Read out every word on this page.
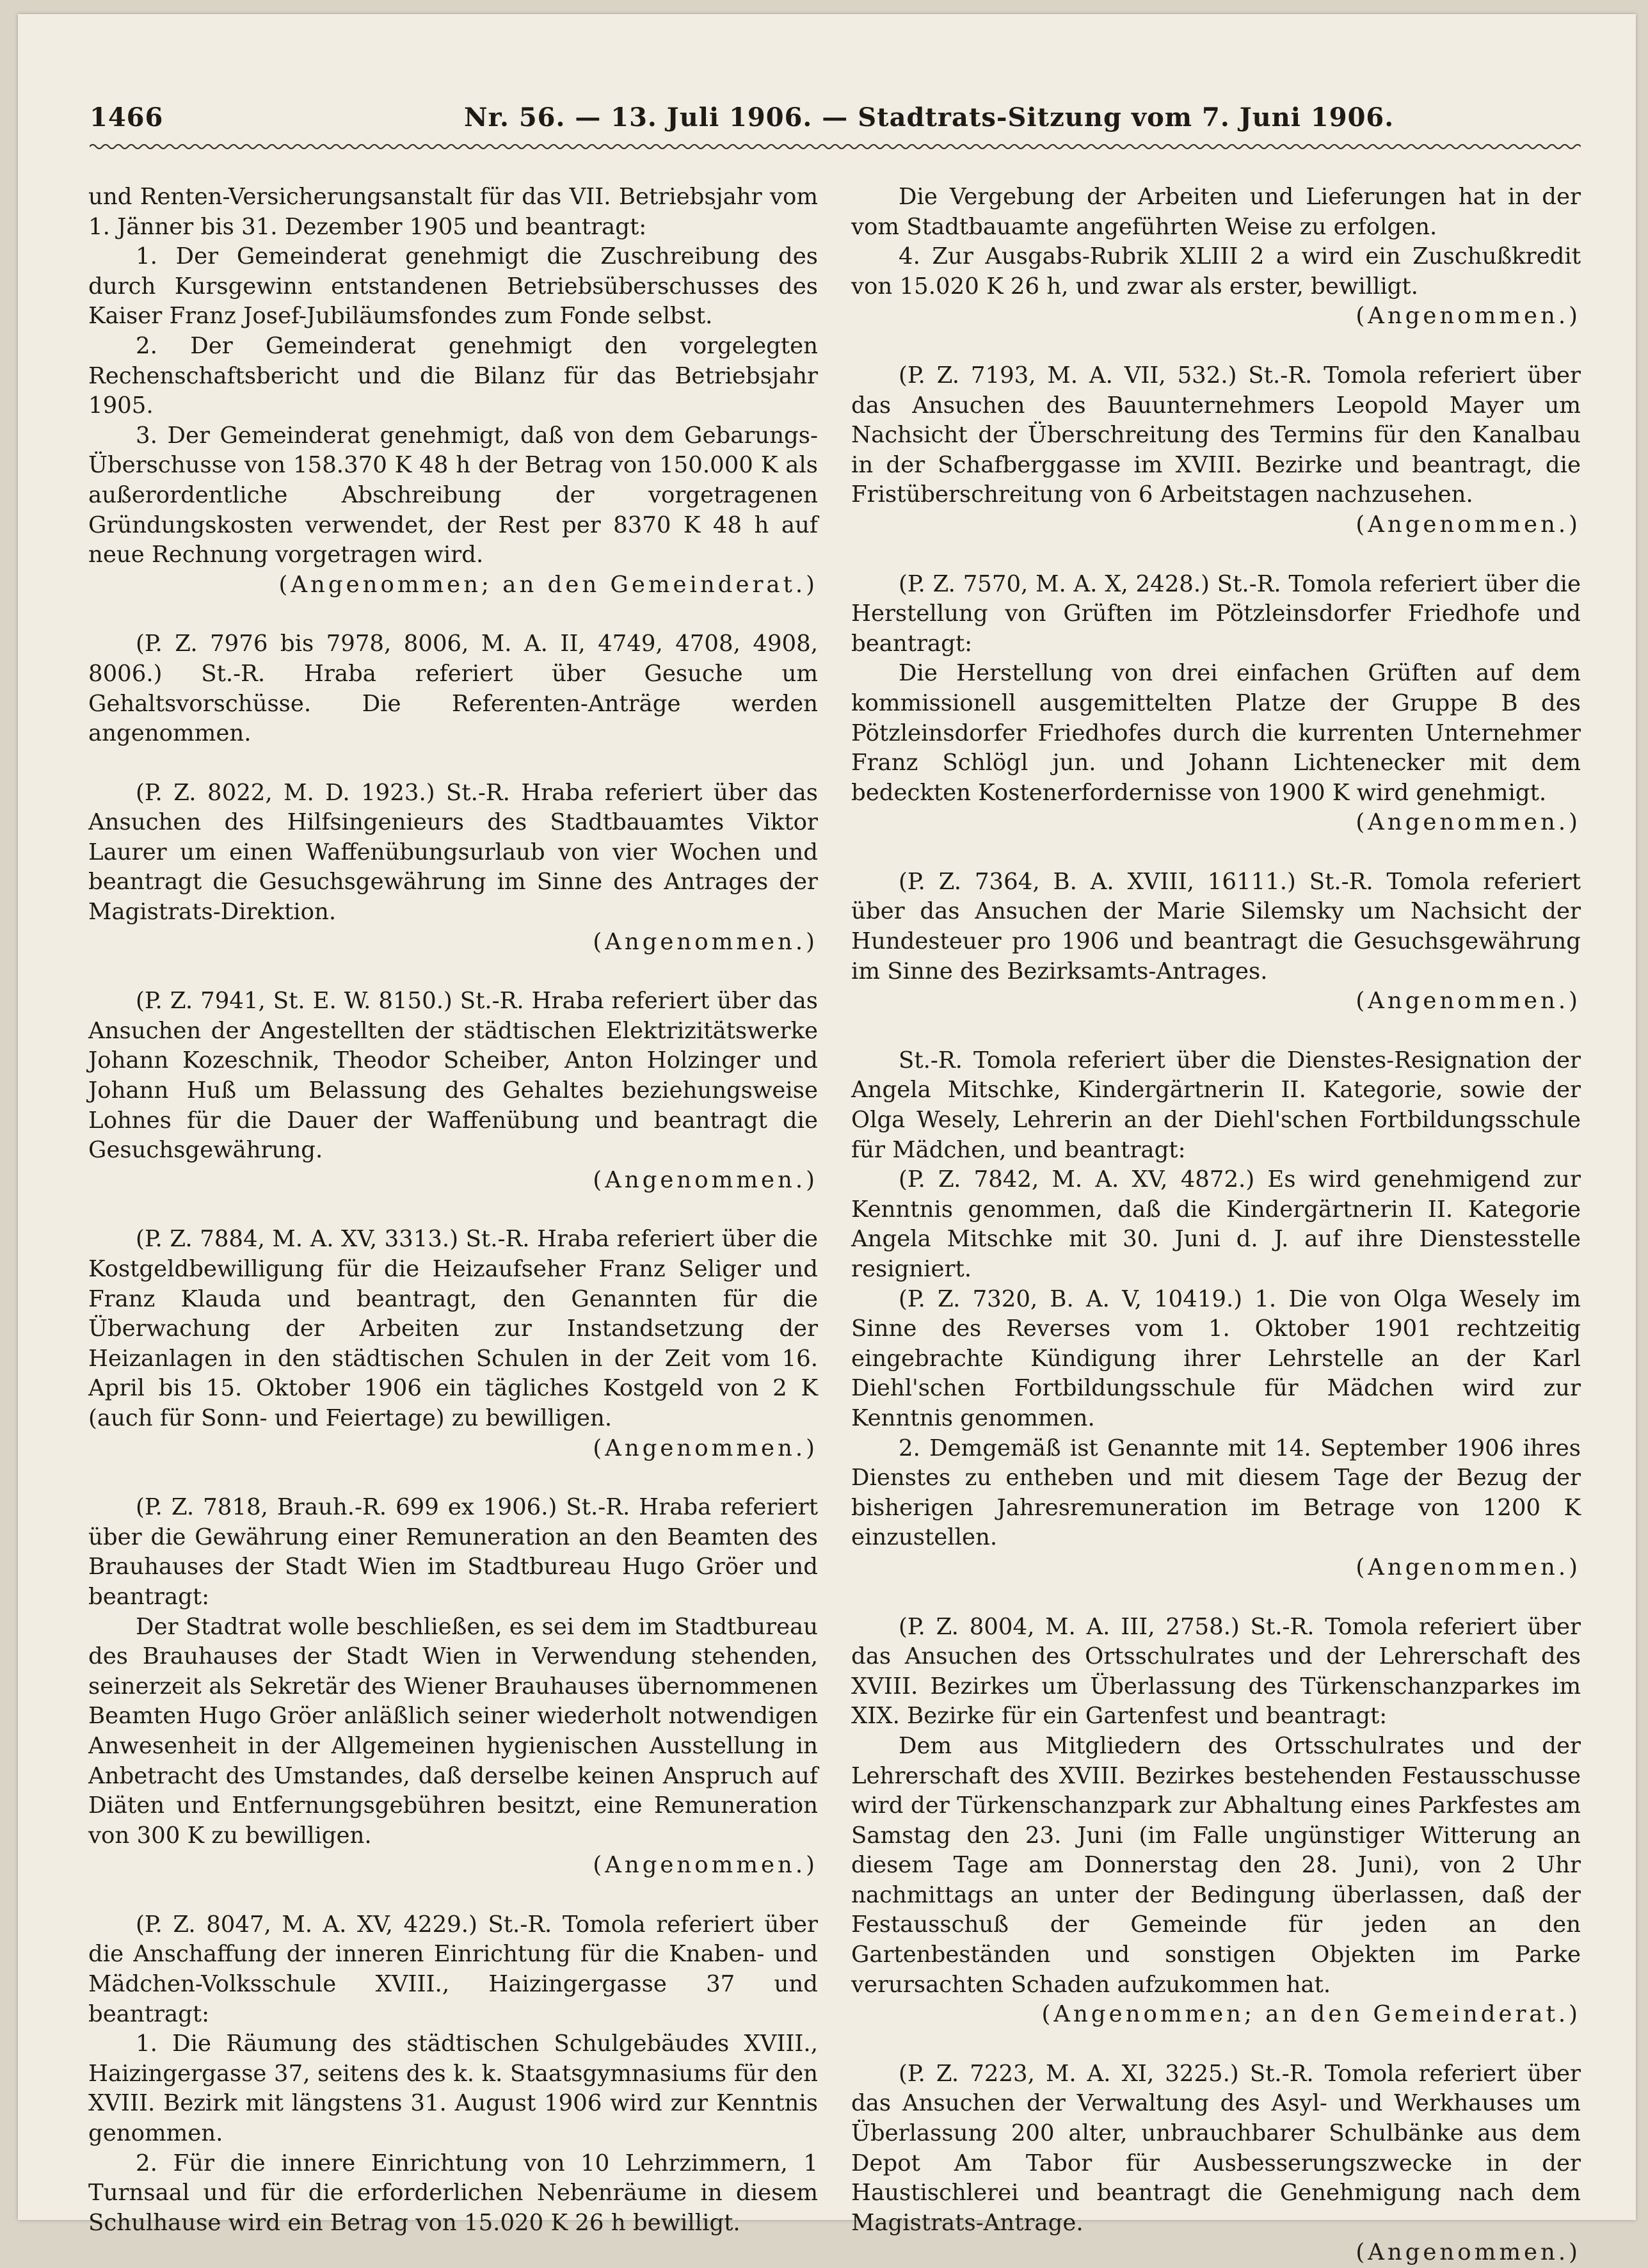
1466	Nr. 56. — 13. Juli 1906. — Stadtrats-Sitzung vom 7. Juni 1906.

und Renten-Versicherungsanstalt für das VII. Betriebsjahr vom 1. Jänner bis 31. Dezember 1905 und beantragt:

1. Der Gemeinderat genehmigt die Zuschreibung des durch Kursgewinn entstandenen Betriebsüberschusses des Kaiser Franz Josef-Jubiläumsfondes zum Fonde selbst.

2. Der Gemeinderat genehmigt den vorgelegten Rechenschaftsbericht und die Bilanz für das Betriebsjahr 1905.

3. Der Gemeinderat genehmigt, daß von dem Gebarungs-Überschusse von 158.370 K 48 h der Betrag von 150.000 K als außerordentliche Abschreibung der vorgetragenen Gründungskosten verwendet, der Rest per 8370 K 48 h auf neue Rechnung vorgetragen wird.

(Angenommen; an den Gemeinderat.)

(P. Z. 7976 bis 7978, 8006, M. A. II, 4749, 4708, 4908, 8006.) St.-R. Hraba referiert über Gesuche um Gehaltsvorschüsse. Die Referenten-Anträge werden angenommen.

(P. Z. 8022, M. D. 1923.) St.-R. Hraba referiert über das Ansuchen des Hilfsingenieurs des Stadtbauamtes Viktor Laurer um einen Waffenübungsurlaub von vier Wochen und beantragt die Gesuchsgewährung im Sinne des Antrages der Magistrats-Direktion.

(Angenommen.)

(P. Z. 7941, St. E. W. 8150.) St.-R. Hraba referiert über das Ansuchen der Angestellten der städtischen Elektrizitätswerke Johann Kozeschnik, Theodor Scheiber, Anton Holzinger und Johann Huß um Belassung des Gehaltes beziehungsweise Lohnes für die Dauer der Waffenübung und beantragt die Gesuchsgewährung.

(Angenommen.)

(P. Z. 7884, M. A. XV, 3313.) St.-R. Hraba referiert über die Kostgeldbewilligung für die Heizaufseher Franz Seliger und Franz Klauda und beantragt, den Genannten für die Überwachung der Arbeiten zur Instandsetzung der Heizanlagen in den städtischen Schulen in der Zeit vom 16. April bis 15. Oktober 1906 ein tägliches Kostgeld von 2 K (auch für Sonn- und Feiertage) zu bewilligen.

(Angenommen.)

(P. Z. 7818, Brauh.-R. 699 ex 1906.) St.-R. Hraba referiert über die Gewährung einer Remuneration an den Beamten des Brauhauses der Stadt Wien im Stadtbureau Hugo Gröer und beantragt:

Der Stadtrat wolle beschließen, es sei dem im Stadtbureau des Brauhauses der Stadt Wien in Verwendung stehenden, seinerzeit als Sekretär des Wiener Brauhauses übernommenen Beamten Hugo Gröer anläßlich seiner wiederholt notwendigen Anwesenheit in der Allgemeinen hygienischen Ausstellung in Anbetracht des Umstandes, daß derselbe keinen Anspruch auf Diäten und Entfernungsgebühren besitzt, eine Remuneration von 300 K zu bewilligen.

(Angenommen.)

(P. Z. 8047, M. A. XV, 4229.) St.-R. Tomola referiert über die Anschaffung der inneren Einrichtung für die Knaben- und Mädchen-Volksschule XVIII., Haizingergasse 37 und beantragt:

1. Die Räumung des städtischen Schulgebäudes XVIII., Haizingergasse 37, seitens des k. k. Staatsgymnasiums für den XVIII. Bezirk mit längstens 31. August 1906 wird zur Kenntnis genommen.

2. Für die innere Einrichtung von 10 Lehrzimmern, 1 Turnsaal und für die erforderlichen Nebenräume in diesem Schulhause wird ein Betrag von 15.020 K 26 h bewilligt.

Die Vergebung der Arbeiten und Lieferungen hat in der vom Stadtbauamte angeführten Weise zu erfolgen.

4. Zur Ausgabs-Rubrik XLIII 2 a wird ein Zuschußkredit von 15.020 K 26 h, und zwar als erster, bewilligt.

(Angenommen.)

(P. Z. 7193, M. A. VII, 532.) St.-R. Tomola referiert über das Ansuchen des Bauunternehmers Leopold Mayer um Nachsicht der Überschreitung des Termins für den Kanalbau in der Schafberggasse im XVIII. Bezirke und beantragt, die Fristüberschreitung von 6 Arbeitstagen nachzusehen.

(Angenommen.)

(P. Z. 7570, M. A. X, 2428.) St.-R. Tomola referiert über die Herstellung von Grüften im Pötzleinsdorfer Friedhofe und beantragt:

Die Herstellung von drei einfachen Grüften auf dem kommissionell ausgemittelten Platze der Gruppe B des Pötzleinsdorfer Friedhofes durch die kurrenten Unternehmer Franz Schlögl jun. und Johann Lichtenecker mit dem bedeckten Kostenerfordernisse von 1900 K wird genehmigt.

(Angenommen.)

(P. Z. 7364, B. A. XVIII, 16111.) St.-R. Tomola referiert über das Ansuchen der Marie Silemsky um Nachsicht der Hundesteuer pro 1906 und beantragt die Gesuchsgewährung im Sinne des Bezirksamts-Antrages.

(Angenommen.)

St.-R. Tomola referiert über die Dienstes-Resignation der Angela Mitschke, Kindergärtnerin II. Kategorie, sowie der Olga Wesely, Lehrerin an der Diehl'schen Fortbildungsschule für Mädchen, und beantragt:

(P. Z. 7842, M. A. XV, 4872.) Es wird genehmigend zur Kenntnis genommen, daß die Kindergärtnerin II. Kategorie Angela Mitschke mit 30. Juni d. J. auf ihre Dienstesstelle resigniert.

(P. Z. 7320, B. A. V, 10419.) 1. Die von Olga Wesely im Sinne des Reverses vom 1. Oktober 1901 rechtzeitig eingebrachte Kündigung ihrer Lehrstelle an der Karl Diehl'schen Fortbildungsschule für Mädchen wird zur Kenntnis genommen.

2. Demgemäß ist Genannte mit 14. September 1906 ihres Dienstes zu entheben und mit diesem Tage der Bezug der bisherigen Jahresremuneration im Betrage von 1200 K einzustellen.

(Angenommen.)

(P. Z. 8004, M. A. III, 2758.) St.-R. Tomola referiert über das Ansuchen des Ortsschulrates und der Lehrerschaft des XVIII. Bezirkes um Überlassung des Türkenschanzparkes im XIX. Bezirke für ein Gartenfest und beantragt:

Dem aus Mitgliedern des Ortsschulrates und der Lehrerschaft des XVIII. Bezirkes bestehenden Festausschusse wird der Türkenschanzpark zur Abhaltung eines Parkfestes am Samstag den 23. Juni (im Falle ungünstiger Witterung an diesem Tage am Donnerstag den 28. Juni), von 2 Uhr nachmittags an unter der Bedingung überlassen, daß der Festausschuß der Gemeinde für jeden an den Gartenbeständen und sonstigen Objekten im Parke verursachten Schaden aufzukommen hat.

(Angenommen; an den Gemeinderat.)

(P. Z. 7223, M. A. XI, 3225.) St.-R. Tomola referiert über das Ansuchen der Verwaltung des Asyl- und Werkhauses um Überlassung 200 alter, unbrauchbarer Schulbänke aus dem Depot Am Tabor für Ausbesserungszwecke in der Haustischlerei und beantragt die Genehmigung nach dem Magistrats-Antrage.

(Angenommen.)
